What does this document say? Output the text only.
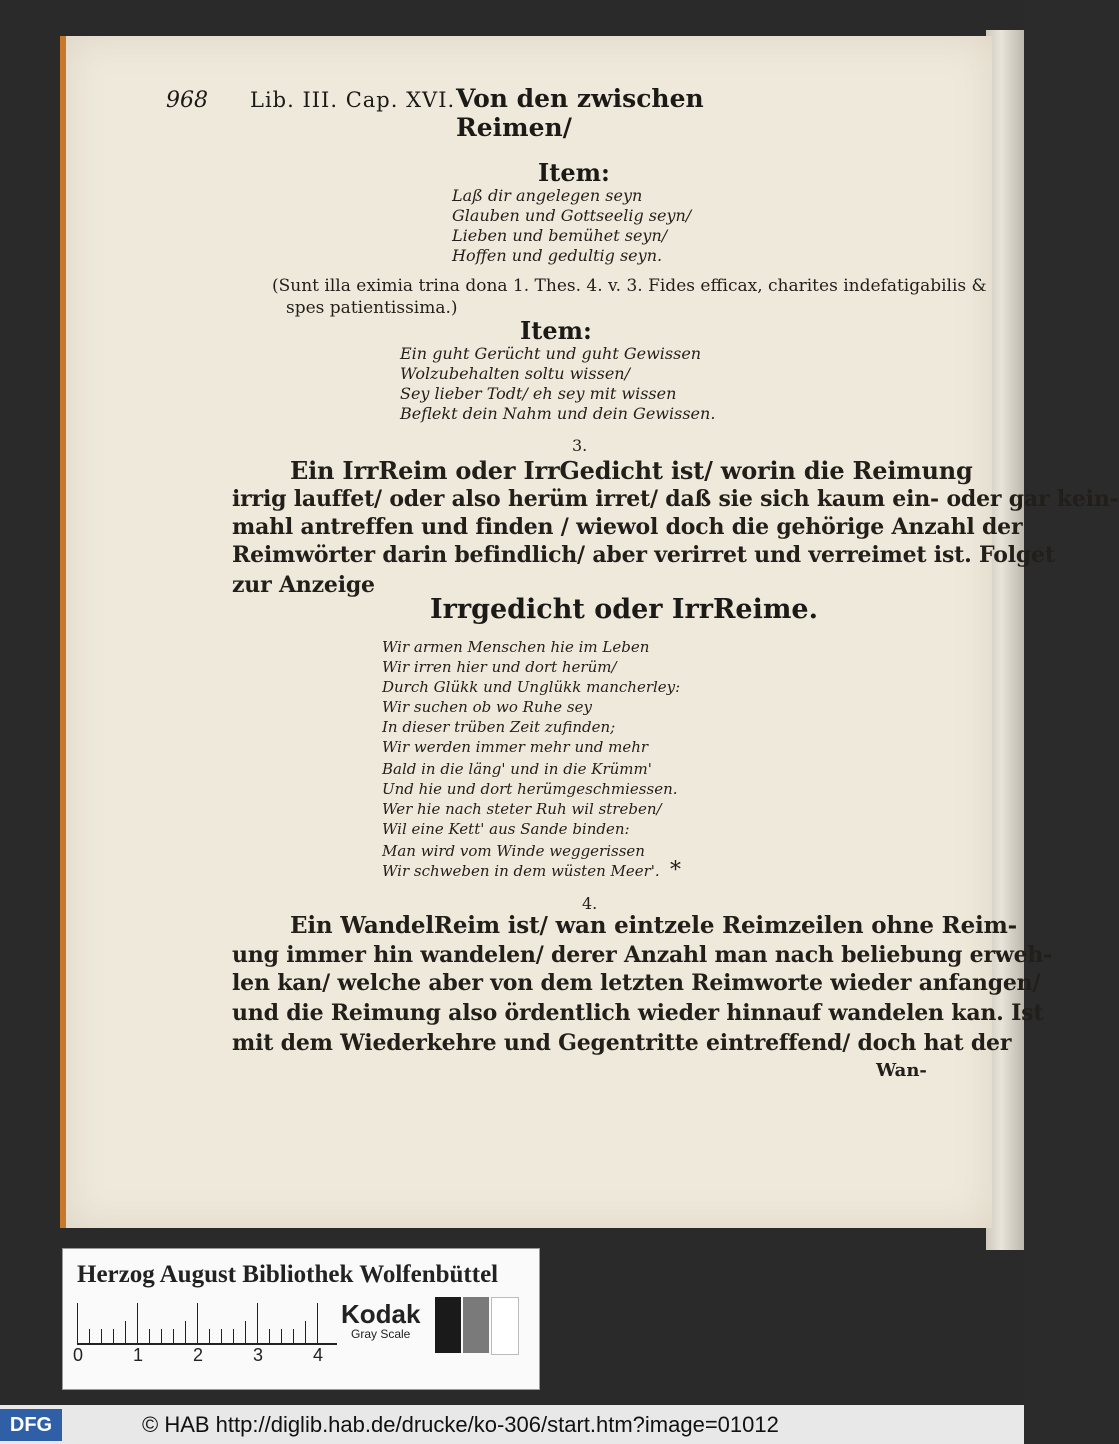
968 Lib. III. Cap. XVI. Von den zwischen Reimen/
Item:
Laß dir angelegen seyn
Glauben und Gottseelig seyn/
Lieben und bemühet seyn/
Hoffen und gedultig seyn.
(Sunt illa eximia trina dona 1. Thes. 4. v. 3. Fides efficax, charites indefatigabilis &
spes patientissima.)
Item:
Ein guht Gerücht und guht Gewissen
Wolzubehalten soltu wissen/
Sey lieber Todt/ eh sey mit wissen
Beflekt dein Nahm und dein Gewissen.
3.
Ein IrrReim oder IrrGedicht ist/ worin die Reimung
irrig lauffet/ oder also herüm irret/ daß sie sich kaum ein- oder gar kein-
mahl antreffen und finden / wiewol doch die gehörige Anzahl der
Reimwörter darin befindlich/ aber verirret und verreimet ist. Folget
zur Anzeige
Irrgedicht oder IrrReime.
Wir armen Menschen hie im Leben
Wir irren hier und dort herüm/
Durch Glükk und Unglükk mancherley:
Wir suchen ob wo Ruhe sey
In dieser trüben Zeit zufinden;
Wir werden immer mehr und mehr
Bald in die läng' und in die Krümm'
Und hie und dort herümgeschmiessen.
Wer hie nach steter Ruh wil streben/
Wil eine Kett' aus Sande binden:
Man wird vom Winde weggerissen
Wir schweben in dem wüsten Meer'. *
4.
Ein WandelReim ist/ wan eintzele Reimzeilen ohne Reim-
ung immer hin wandelen/ derer Anzahl man nach beliebung erweh-
len kan/ welche aber von dem letzten Reimworte wieder anfangen/
und die Reimung also ördentlich wieder hinnauf wandelen kan. Ist
mit dem Wiederkehre und Gegentritte eintreffend/ doch hat der
Wan-
Herzog August Bibliothek Wolfenbüttel
0	1	2	3	4
Kodak
Gray Scale
DFG	© HAB http://diglib.hab.de/drucke/ko-306/start.htm?image=01012
